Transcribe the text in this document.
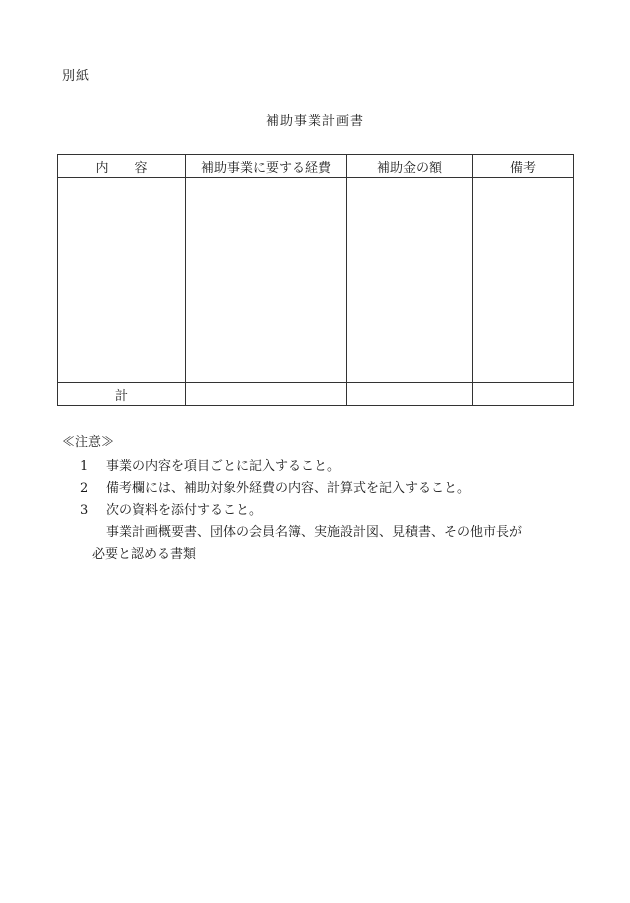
別紙
補助事業計画書
内　　容	補助事業に要する経費	補助金の額	備考

計			
≪注意≫
1	事業の内容を項目ごとに記入すること。
2	備考欄には、補助対象外経費の内容、計算式を記入すること。
3	次の資料を添付すること。
事業計画概要書、団体の会員名簿、実施設計図、見積書、その他市長が
必要と認める書類
